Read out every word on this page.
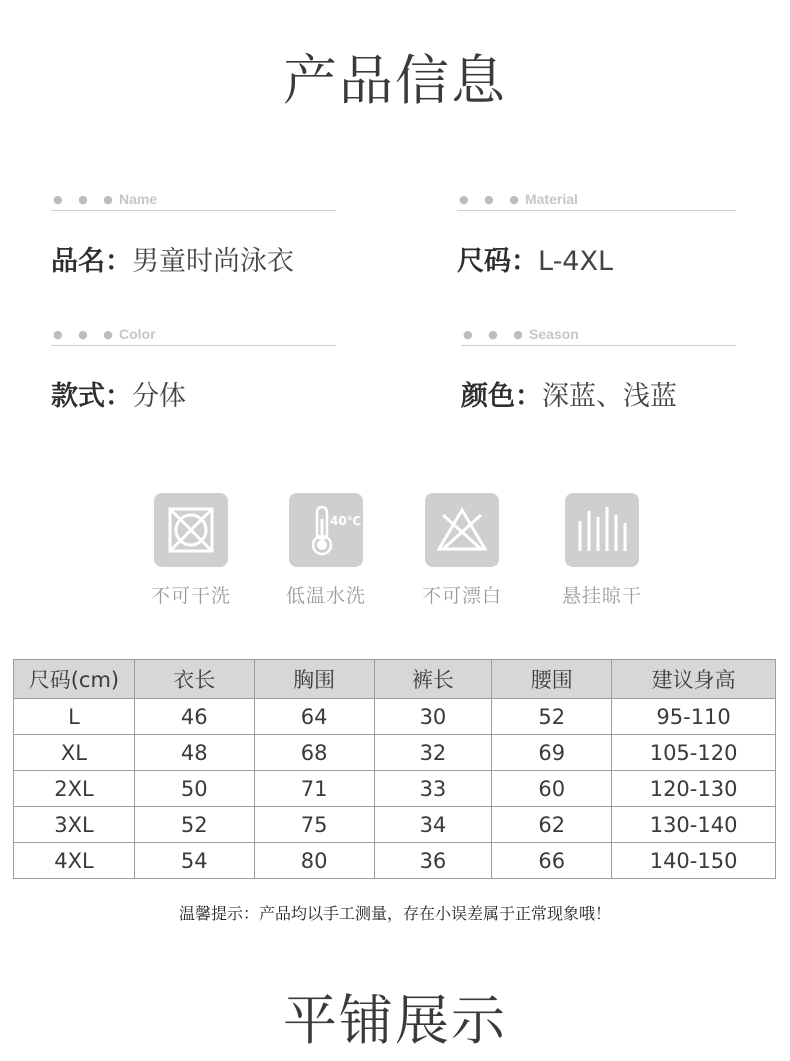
产品信息
● ● ● Name
品名：男童时尚泳衣
● ● ● Material
尺码：L-4XL
● ● ● Color
款式：分体
● ● ● Season
颜色：深蓝、浅蓝
不可干洗
40℃
低温水洗	不可漂白	悬挂晾干
尺码(cm)	衣长	胸围	裤长	腰围	建议身高
L	46	64	30	52	95-110
XL	48	68	32	69	105-120
2XL	50	71	33	60	120-130
3XL	52	75	34	62	130-140
4XL	54	80	36	66	140-150
温馨提示：产品均以手工测量，存在小误差属于正常现象哦！
平铺展示
